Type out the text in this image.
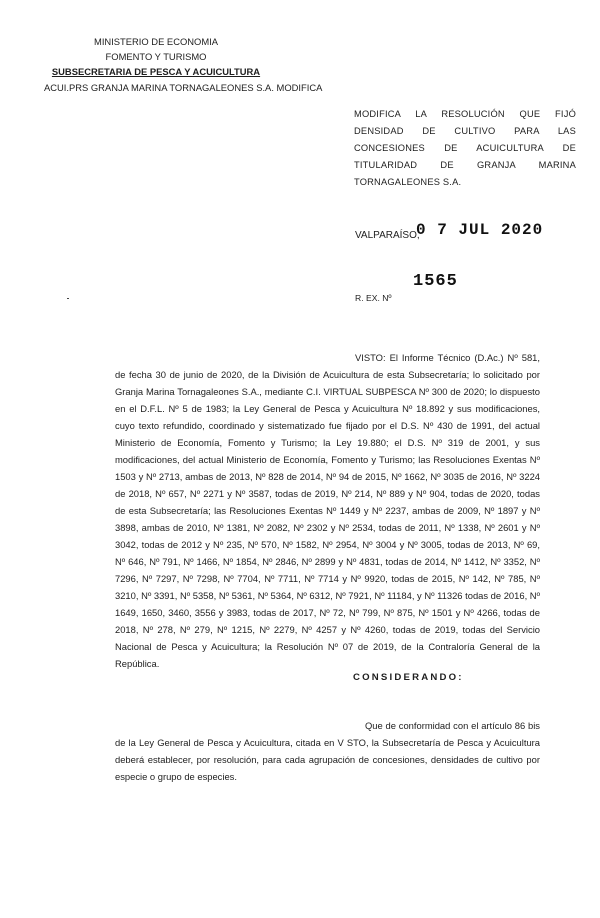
MINISTERIO DE ECONOMIA
FOMENTO Y TURISMO
SUBSECRETARIA DE PESCA Y ACUICULTURA
ACUI.PRS GRANJA MARINA TORNAGALEONES S.A. MODIFICA
MODIFICA LA RESOLUCIÓN QUE FIJÓ DENSIDAD DE CULTIVO PARA LAS CONCESIONES DE ACUICULTURA DE TITULARIDAD DE GRANJA MARINA TORNAGALEONES S.A.
VALPARAÍSO,
0 7 JUL 2020
R. EX. Nº
1565
VISTO: El Informe Técnico (D.Ac.) Nº 581, de fecha 30 de junio de 2020, de la División de Acuicultura de esta Subsecretaría; lo solicitado por Granja Marina Tornagaleones S.A., mediante C.I. VIRTUAL SUBPESCA Nº 300 de 2020; lo dispuesto en el D.F.L. Nº 5 de 1983; la Ley General de Pesca y Acuicultura Nº 18.892 y sus modificaciones, cuyo texto refundido, coordinado y sistematizado fue fijado por el D.S. Nº 430 de 1991, del actual Ministerio de Economía, Fomento y Turismo; la Ley 19.880; el D.S. Nº 319 de 2001, y sus modificaciones, del actual Ministerio de Economía, Fomento y Turismo; las Resoluciones Exentas Nº 1503 y Nº 2713, ambas de 2013, Nº 828 de 2014, Nº 94 de 2015, Nº 1662, Nº 3035 de 2016, Nº 3224 de 2018, Nº 657, Nº 2271 y Nº 3587, todas de 2019, Nº 214, Nº 889 y Nº 904, todas de 2020, todas de esta Subsecretaría; las Resoluciones Exentas Nº 1449 y Nº 2237, ambas de 2009, Nº 1897 y Nº 3898, ambas de 2010, Nº 1381, Nº 2082, Nº 2302 y Nº 2534, todas de 2011, Nº 1338, Nº 2601 y Nº 3042, todas de 2012 y Nº 235, Nº 570, Nº 1582, Nº 2954, Nº 3004 y Nº 3005, todas de 2013, Nº 69, Nº 646, Nº 791, Nº 1466, Nº 1854, Nº 2846, Nº 2899 y Nº 4831, todas de 2014, Nº 1412, Nº 3352, Nº 7296, Nº 7297, Nº 7298, Nº 7704, Nº 7711, Nº 7714 y Nº 9920, todas de 2015, Nº 142, Nº 785, Nº 3210, Nº 3391, Nº 5358, Nº 5361, Nº 5364, Nº 6312, Nº 7921, Nº 11184, y Nº 11326 todas de 2016, Nº 1649, 1650, 3460, 3556 y 3983, todas de 2017, Nº 72, Nº 799, Nº 875, Nº 1501 y Nº 4266, todas de 2018, Nº 278, Nº 279, Nº 1215, Nº 2279, Nº 4257 y Nº 4260, todas de 2019, todas del Servicio Nacional de Pesca y Acuicultura; la Resolución Nº 07 de 2019, de la Contraloría General de la República.
CONSIDERANDO:
Que de conformidad con el artículo 86 bis de la Ley General de Pesca y Acuicultura, citada en V STO, la Subsecretaría de Pesca y Acuicultura deberá establecer, por resolución, para cada agrupación de concesiones, densidades de cultivo por especie o grupo de especies.
